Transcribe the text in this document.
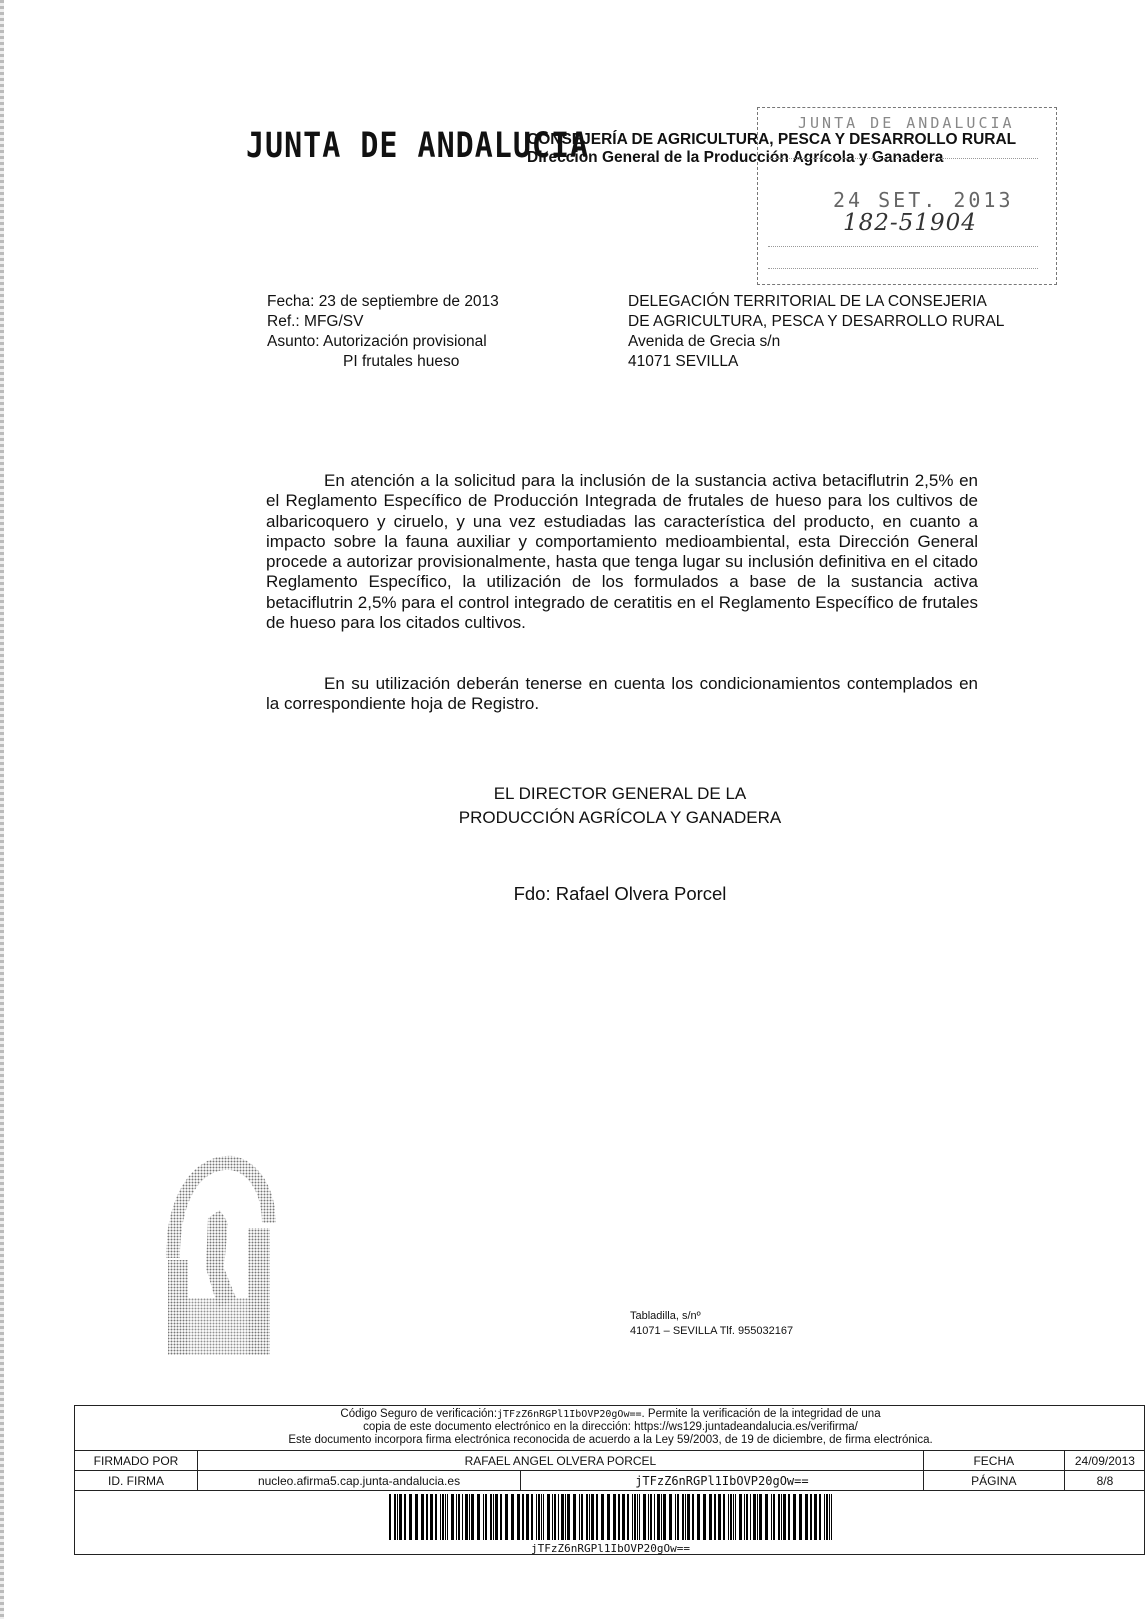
JUNTA DE ANDALUCIA
CONSEJERÍA DE AGRICULTURA, PESCA Y DESARROLLO RURAL
Dirección General de la Producción Agrícola y Ganadera
JUNTA DE ANDALUCIA
24 SET. 2013
182-51904
Fecha: 23 de septiembre de 2013
Ref.: MFG/SV
Asunto: Autorización provisional
PI frutales hueso
DELEGACIÓN TERRITORIAL DE LA CONSEJERIA
DE AGRICULTURA, PESCA Y DESARROLLO RURAL
Avenida de Grecia s/n
41071 SEVILLA

En atención a la solicitud para la inclusión de la sustancia activa betaciflutrin 2,5% en el Reglamento Específico de Producción Integrada de frutales de hueso para los cultivos de albaricoquero y ciruelo, y una vez estudiadas las característica del producto, en cuanto a impacto sobre la fauna auxiliar y comportamiento medioambiental, esta Dirección General procede a autorizar provisionalmente, hasta que tenga lugar su inclusión definitiva en el citado Reglamento Específico, la utilización de los formulados a base de la sustancia activa betaciflutrin 2,5% para el control integrado de ceratitis en el Reglamento Específico de frutales de hueso para los citados cultivos.

En su utilización deberán tenerse en cuenta los condicionamientos contemplados en la correspondiente hoja de Registro.

EL DIRECTOR GENERAL DE LA
PRODUCCIÓN AGRÍCOLA Y GANADERA
Fdo: Rafael Olvera Porcel
Tabladilla, s/nº
41071 – SEVILLA Tlf. 955032167
Código Seguro de verificación:jTFzZ6nRGPl1IbOVP20gOw==. Permite la verificación de la integridad de una
copia de este documento electrónico en la dirección: https://ws129.juntadeandalucia.es/verifirma/
Este documento incorpora firma electrónica reconocida de acuerdo a la Ley 59/2003, de 19 de diciembre, de firma electrónica.
FIRMADO POR	RAFAEL ANGEL OLVERA PORCEL		FECHA	24/09/2013
ID. FIRMA	nucleo.afirma5.cap.junta-andalucia.es	jTFzZ6nRGPl1IbOVP20gOw==	PÁGINA	8/8
jTFzZ6nRGPl1IbOVP20gOw==
